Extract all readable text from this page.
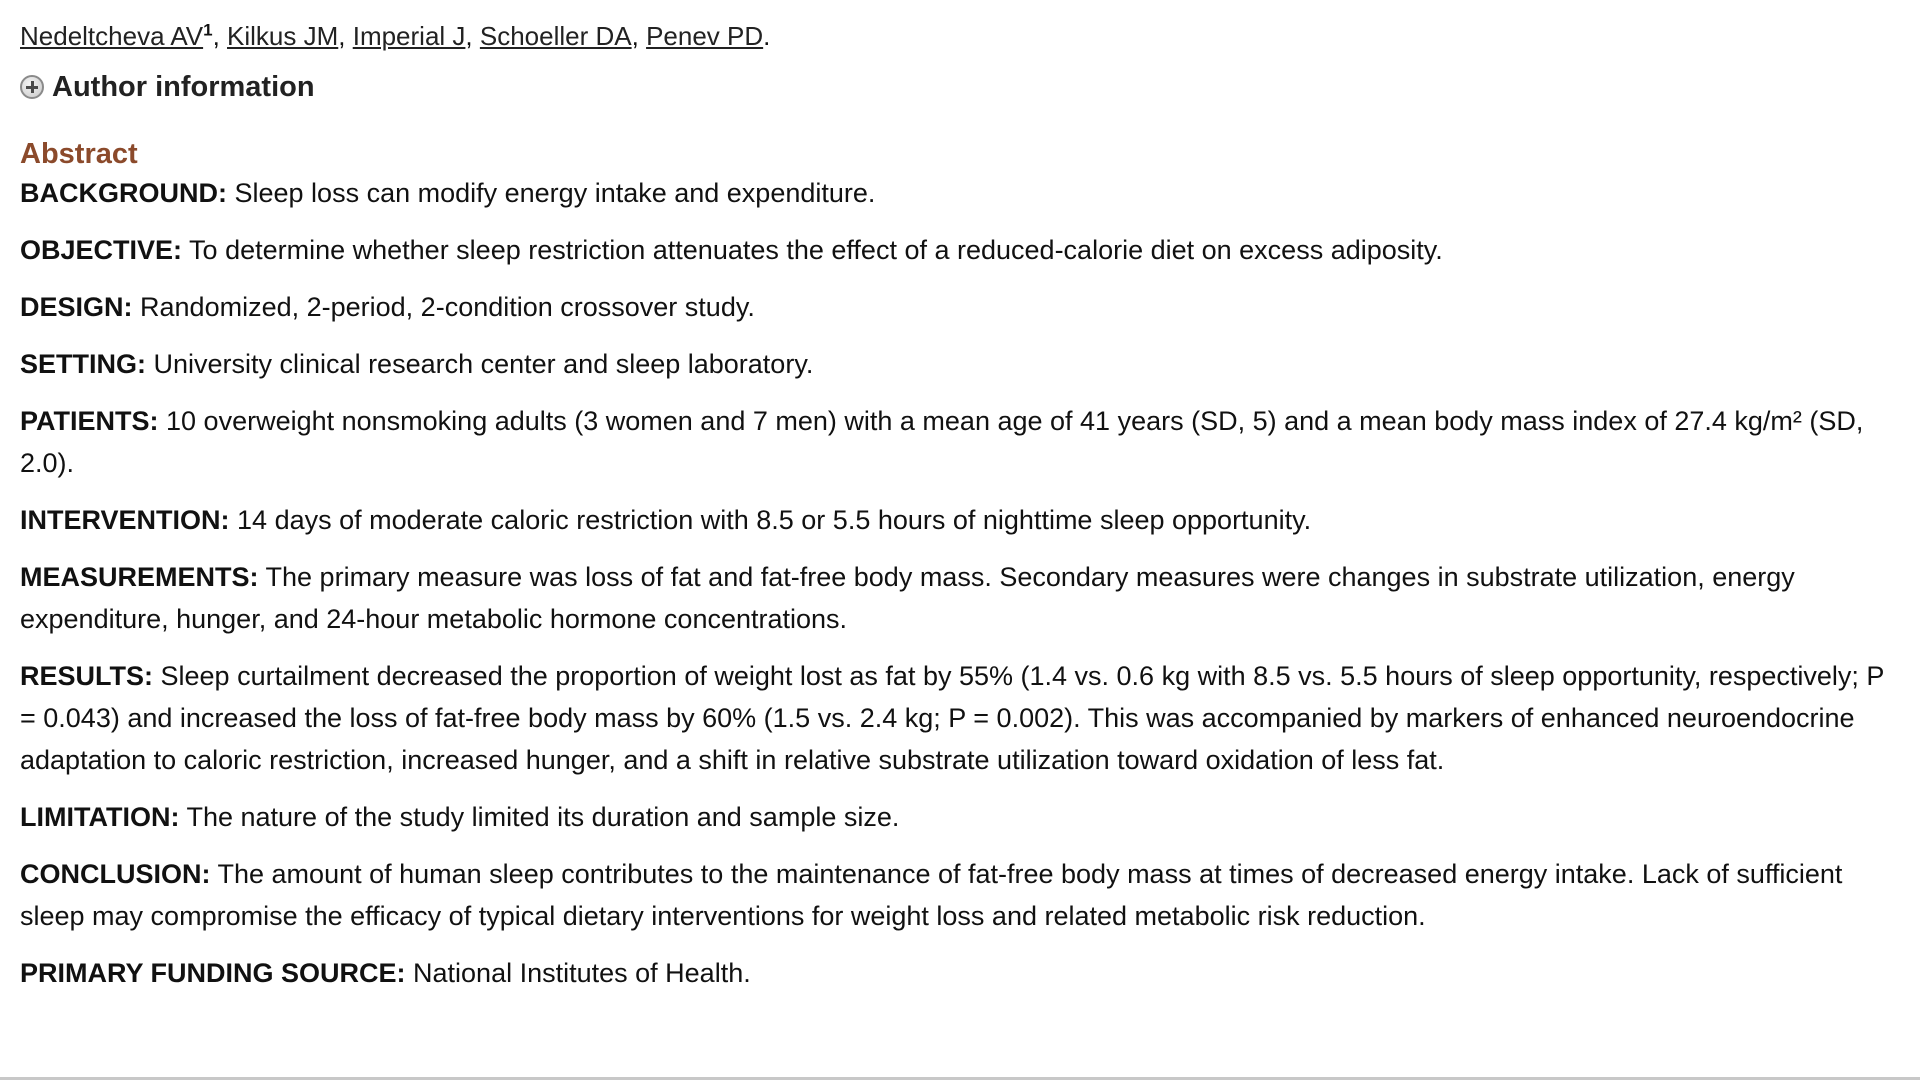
Nedeltcheva $AV^1$, Kilkus JM, Imperial J, Schoeller DA, Penev PD.
Author information
Abstract
BACKGROUND: Sleep loss can modify energy intake and expenditure.
OBJECTIVE: To determine whether sleep restriction attenuates the effect of a reduced-calorie diet on excess adiposity.
DESIGN: Randomized, 2-period, 2-condition crossover study.
SETTING: University clinical research center and sleep laboratory.
PATIENTS: 10 overweight nonsmoking adults (3 women and 7 men) with a mean age of 41 years (SD, 5) and a mean body mass index of 27.4 kg/m² (SD, 2.0).
INTERVENTION: 14 days of moderate caloric restriction with 8.5 or 5.5 hours of nighttime sleep opportunity.
MEASUREMENTS: The primary measure was loss of fat and fat-free body mass. Secondary measures were changes in substrate utilization, energy expenditure, hunger, and 24-hour metabolic hormone concentrations.
RESULTS: Sleep curtailment decreased the proportion of weight lost as fat by 55% (1.4 vs. 0.6 kg with 8.5 vs. 5.5 hours of sleep opportunity, respectively; P = 0.043) and increased the loss of fat-free body mass by 60% (1.5 vs. 2.4 kg; P = 0.002). This was accompanied by markers of enhanced neuroendocrine adaptation to caloric restriction, increased hunger, and a shift in relative substrate utilization toward oxidation of less fat.
LIMITATION: The nature of the study limited its duration and sample size.
CONCLUSION: The amount of human sleep contributes to the maintenance of fat-free body mass at times of decreased energy intake. Lack of sufficient sleep may compromise the efficacy of typical dietary interventions for weight loss and related metabolic risk reduction.
PRIMARY FUNDING SOURCE: National Institutes of Health.
